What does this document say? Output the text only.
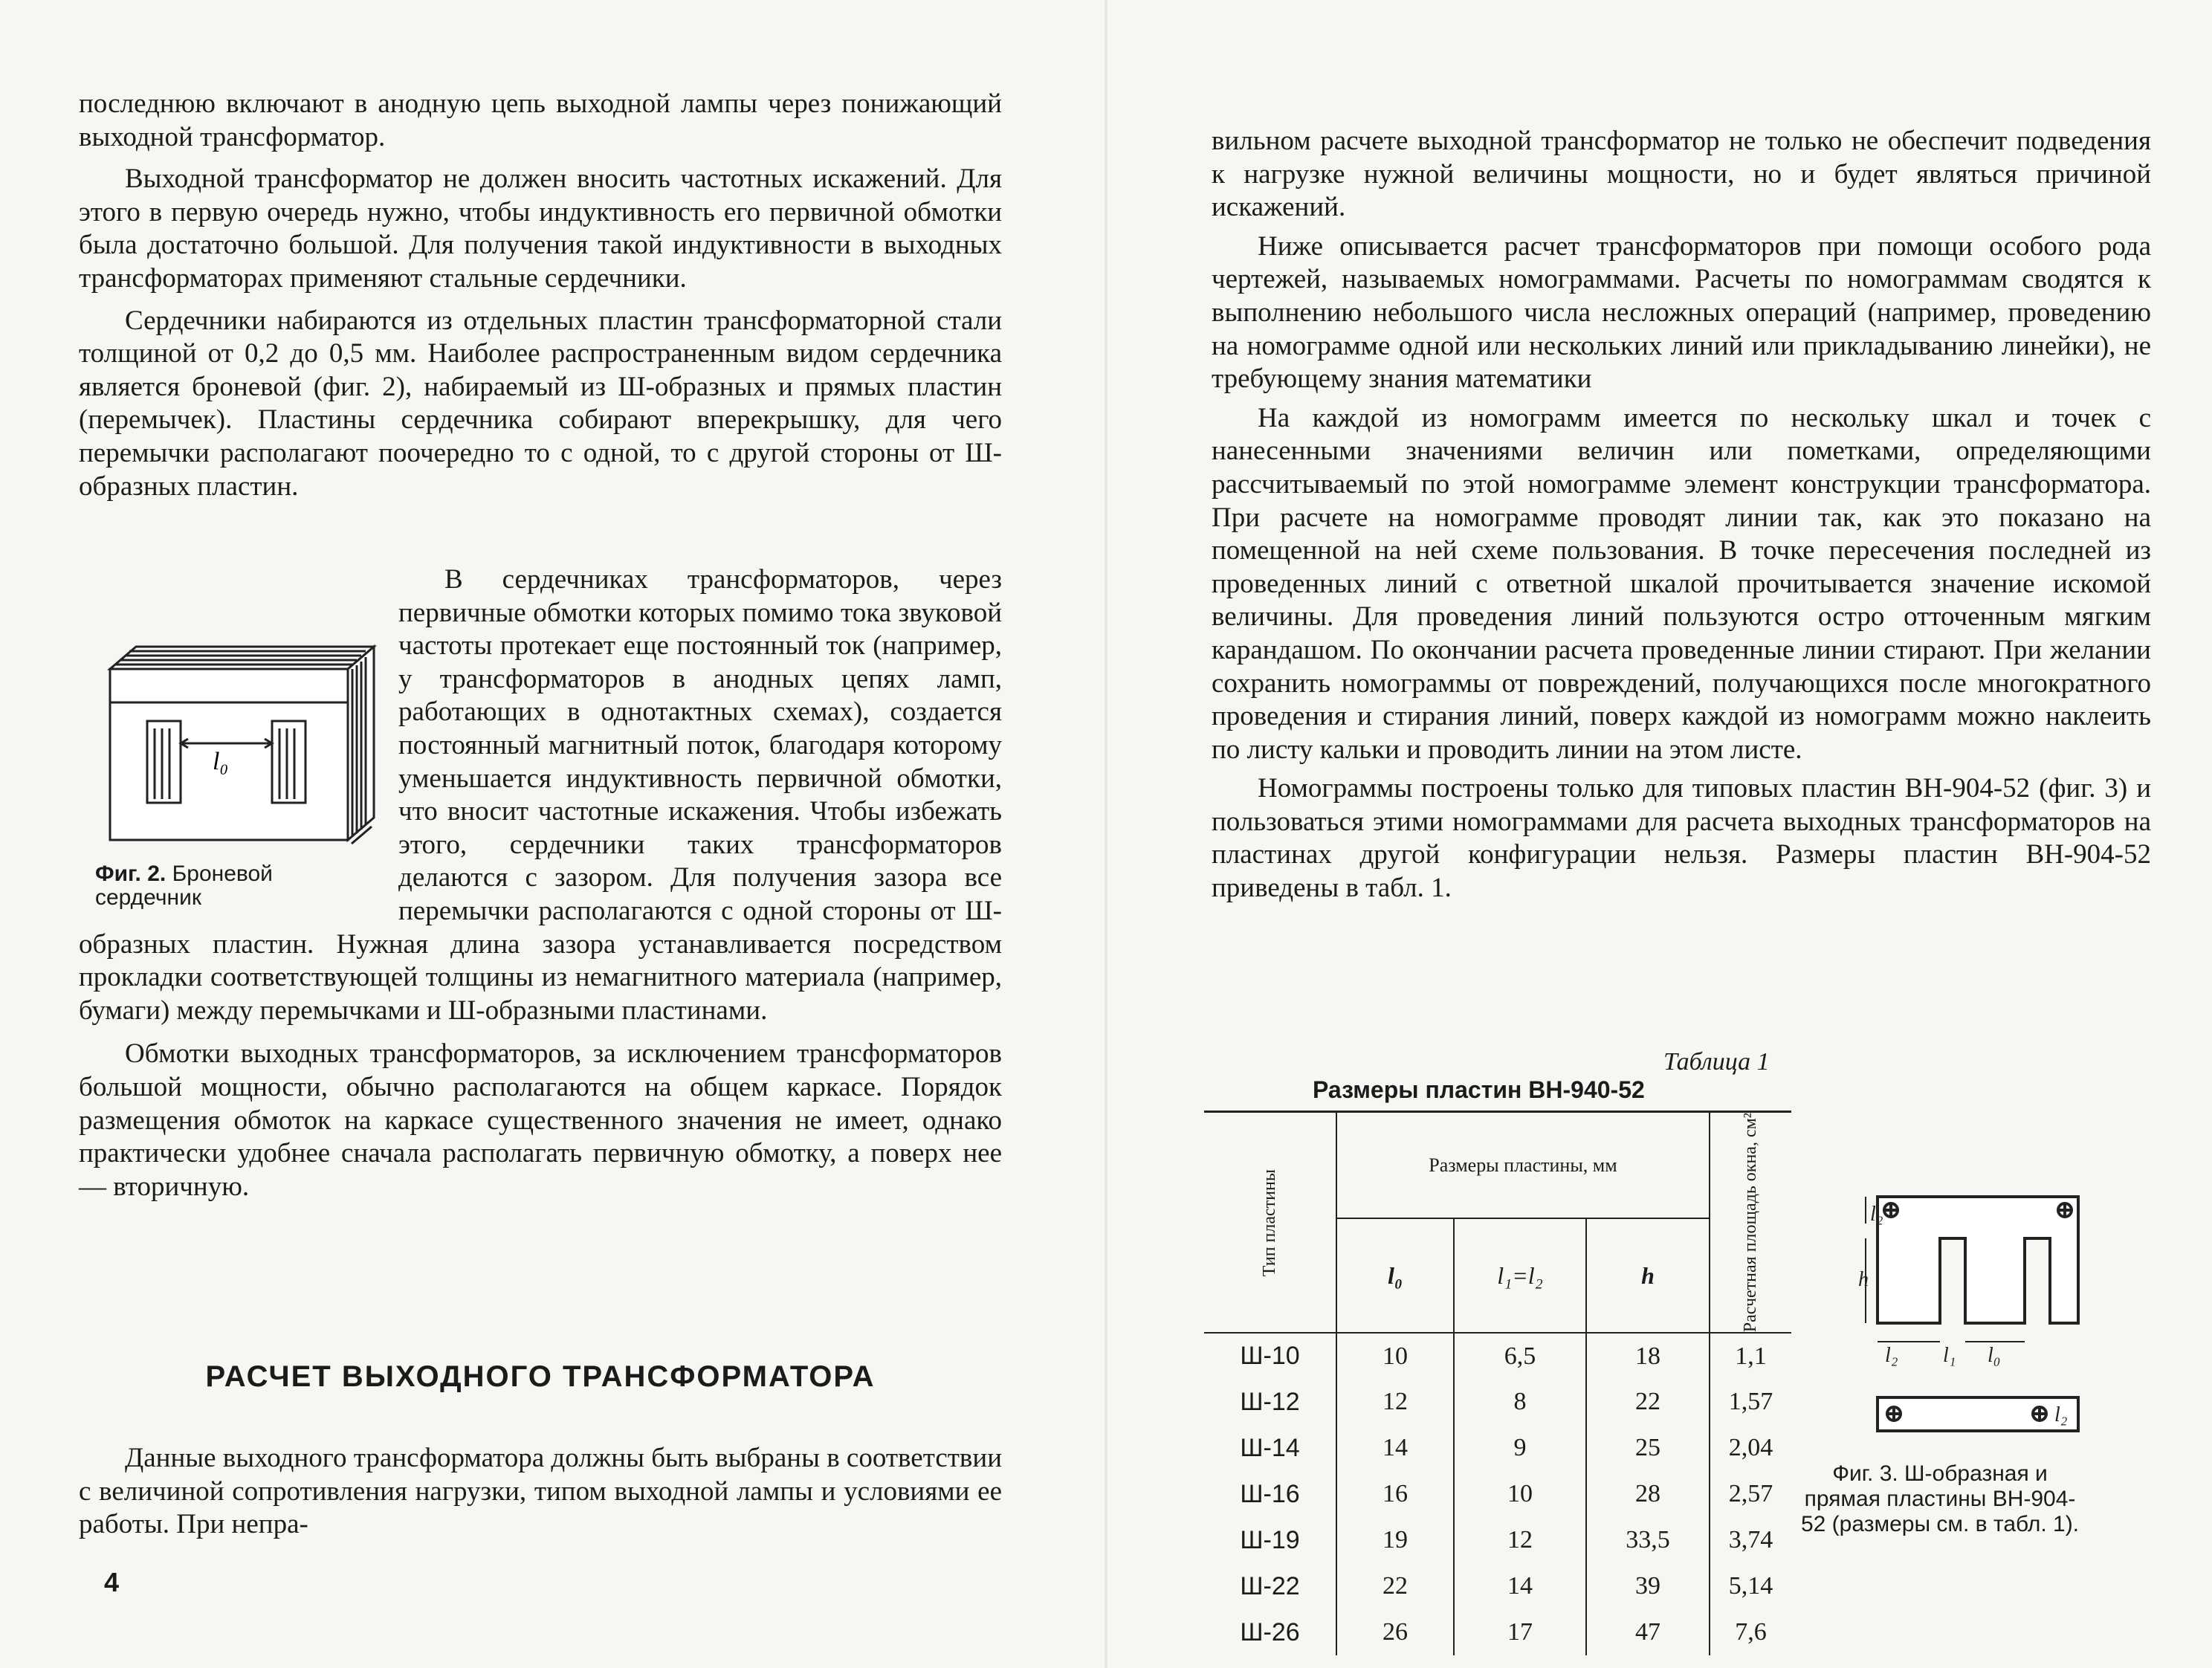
последнюю включают в анодную цепь выходной лампы через понижающий выходной трансформатор.

Выходной трансформатор не должен вносить частотных искажений. Для этого в первую очередь нужно, чтобы индуктивность его первичной обмотки была достаточно большой. Для получения такой индуктивности в выходных трансформаторах применяют стальные сердечники.

Сердечники набираются из отдельных пластин трансформаторной стали толщиной от 0,2 до 0,5 мм. Наиболее распространенным видом сердечника является броневой (фиг. 2), набираемый из Ш-образных и прямых пластин (перемычек). Пластины сердечника собирают вперекрышку, для чего перемычки располагают поочередно то с одной, то с другой стороны от Ш-образных пластин.

В сердечниках трансформаторов, через первичные обмотки которых помимо тока звуковой частоты протекает еще постоянный ток (например, у трансформаторов в анодных цепях ламп, работающих в однотактных схемах), создается постоянный магнитный поток, благодаря которому уменьшается индуктивность первичной обмотки, что вносит частотные искажения. Чтобы избежать этого, сердечники таких трансформаторов делаются с зазором. Для получения зазора все перемычки располагаются с одной стороны от Ш-образных пластин. Нужная длина зазора устанавливается посредством прокладки соответствующей толщины из немагнитного материала (например, бумаги) между перемычками и Ш-образными пластинами.

Обмотки выходных трансформаторов, за исключением трансформаторов большой мощности, обычно располагаются на общем каркасе. Порядок размещения обмоток на каркасе существенного значения не имеет, однако практически удобнее сначала располагать первичную обмотку, а поверх нее — вторичную.

l₀
Фиг. 2. Броневой сердечник
РАСЧЕТ ВЫХОДНОГО ТРАНСФОРМАТОРА

Данные выходного трансформатора должны быть выбраны в соответствии с величиной сопротивления нагрузки, типом выходной лампы и условиями ее работы. При непра-

4

вильном расчете выходной трансформатор не только не обеспечит подведения к нагрузке нужной величины мощности, но и будет являться причиной искажений.

Ниже описывается расчет трансформаторов при помощи особого рода чертежей, называемых номограммами. Расчеты по номограммам сводятся к выполнению небольшого числа несложных операций (например, проведению на номограмме одной или нескольких линий или прикладыванию линейки), не требующему знания математики

На каждой из номограмм имеется по нескольку шкал и точек с нанесенными значениями величин или пометками, определяющими рассчитываемый по этой номограмме элемент конструкции трансформатора. При расчете на номограмме проводят линии так, как это показано на помещенной на ней схеме пользования. В точке пересечения последней из проведенных линий с ответной шкалой прочитывается значение искомой величины. Для проведения линий пользуются остро отточенным мягким карандашом. По окончании расчета проведенные линии стирают. При желании сохранить номограммы от повреждений, получающихся после многократного проведения и стирания линий, поверх каждой из номограмм можно наклеить по листу кальки и проводить линии на этом листе.

Номограммы построены только для типовых пластин ВН-904-52 (фиг. 3) и пользоваться этими номограммами для расчета выходных трансформаторов на пластинах другой конфигурации нельзя. Размеры пластин ВН-904-52 приведены в табл. 1.

Таблица 1
Размеры пластин ВН-940-52
Тип пластины	Размеры пластины, мм			Расчетная площадь окна, см²

	l₀	l₁=l₂	h	
Ш-10	10	6,5	18	1,1
Ш-12	12	8	22	1,57
Ш-14	14	9	25	2,04
Ш-16	16	10	28	2,57
Ш-19	19	12	33,5	3,74
Ш-22	22	14	39	5,14
Ш-26	26	17	47	7,6
l₂
h
l₂ l₁ l₀
l₂
Фиг. 3. Ш-образная и прямая пластины ВН-904-52 (размеры см. в табл. 1).
